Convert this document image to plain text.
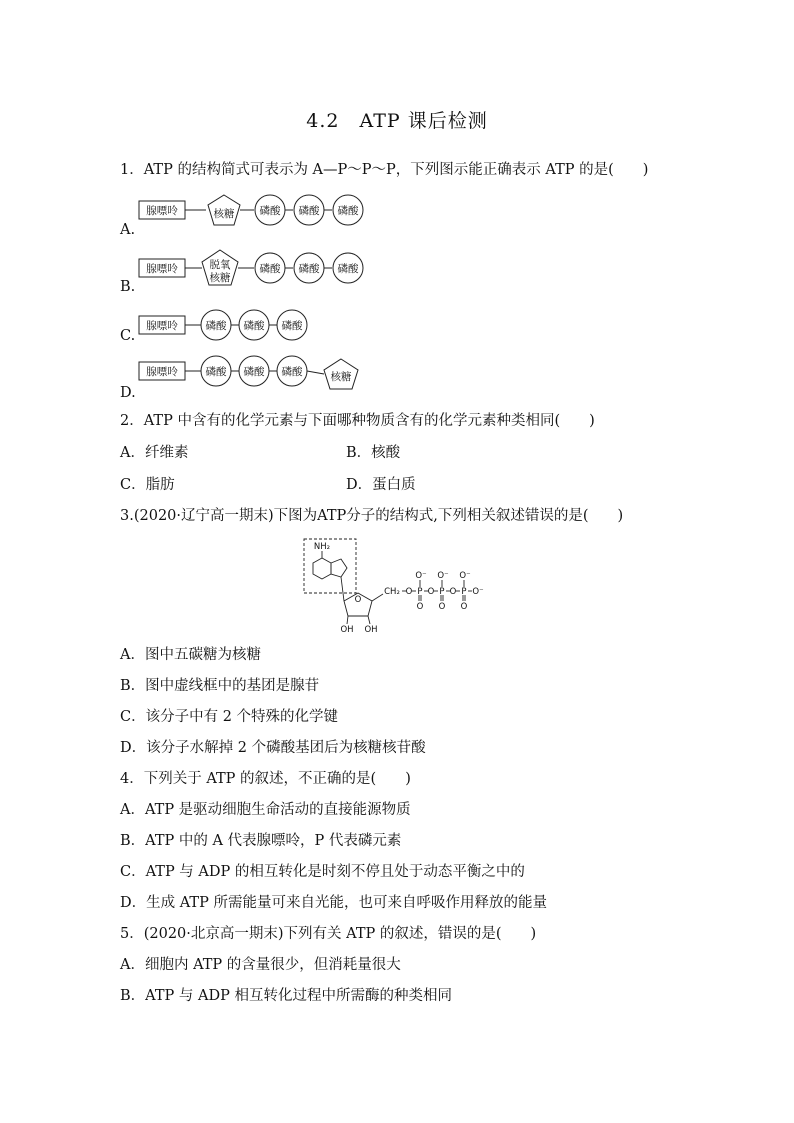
4.2　ATP 课后检测
1．ATP 的结构简式可表示为 A—P～P～P，下列图示能正确表示 ATP 的是(　　)
腺嘌呤	核糖 磷酸 磷酸 磷酸
A.
腺嘌呤	脱氧
核糖
磷酸 磷酸 磷酸
B.
腺嘌呤	磷酸 磷酸 磷酸
C.
腺嘌呤	磷酸 磷酸 磷酸	核糖
D.
2．ATP 中含有的化学元素与下面哪种物质含有的化学元素种类相同(　　)
A．纤维素	B．核酸
C．脂肪	D．蛋白质
3.(2020·辽宁高一期末)下图为ATP分子的结构式,下列相关叙述错误的是(　　)
NH₂
O
OH OH
CH₂ O P O P O P O⁻
O⁻ O⁻ O⁻
O O O
A．图中五碳糖为核糖
B．图中虚线框中的基团是腺苷
C．该分子中有 2 个特殊的化学键
D．该分子水解掉 2 个磷酸基团后为核糖核苷酸
4．下列关于 ATP 的叙述，不正确的是(　　)
A．ATP 是驱动细胞生命活动的直接能源物质
B．ATP 中的 A 代表腺嘌呤，P 代表磷元素
C．ATP 与 ADP 的相互转化是时刻不停且处于动态平衡之中的
D．生成 ATP 所需能量可来自光能，也可来自呼吸作用释放的能量
5．(2020·北京高一期末)下列有关 ATP 的叙述，错误的是(　　)
A．细胞内 ATP 的含量很少，但消耗量很大
B．ATP 与 ADP 相互转化过程中所需酶的种类相同
